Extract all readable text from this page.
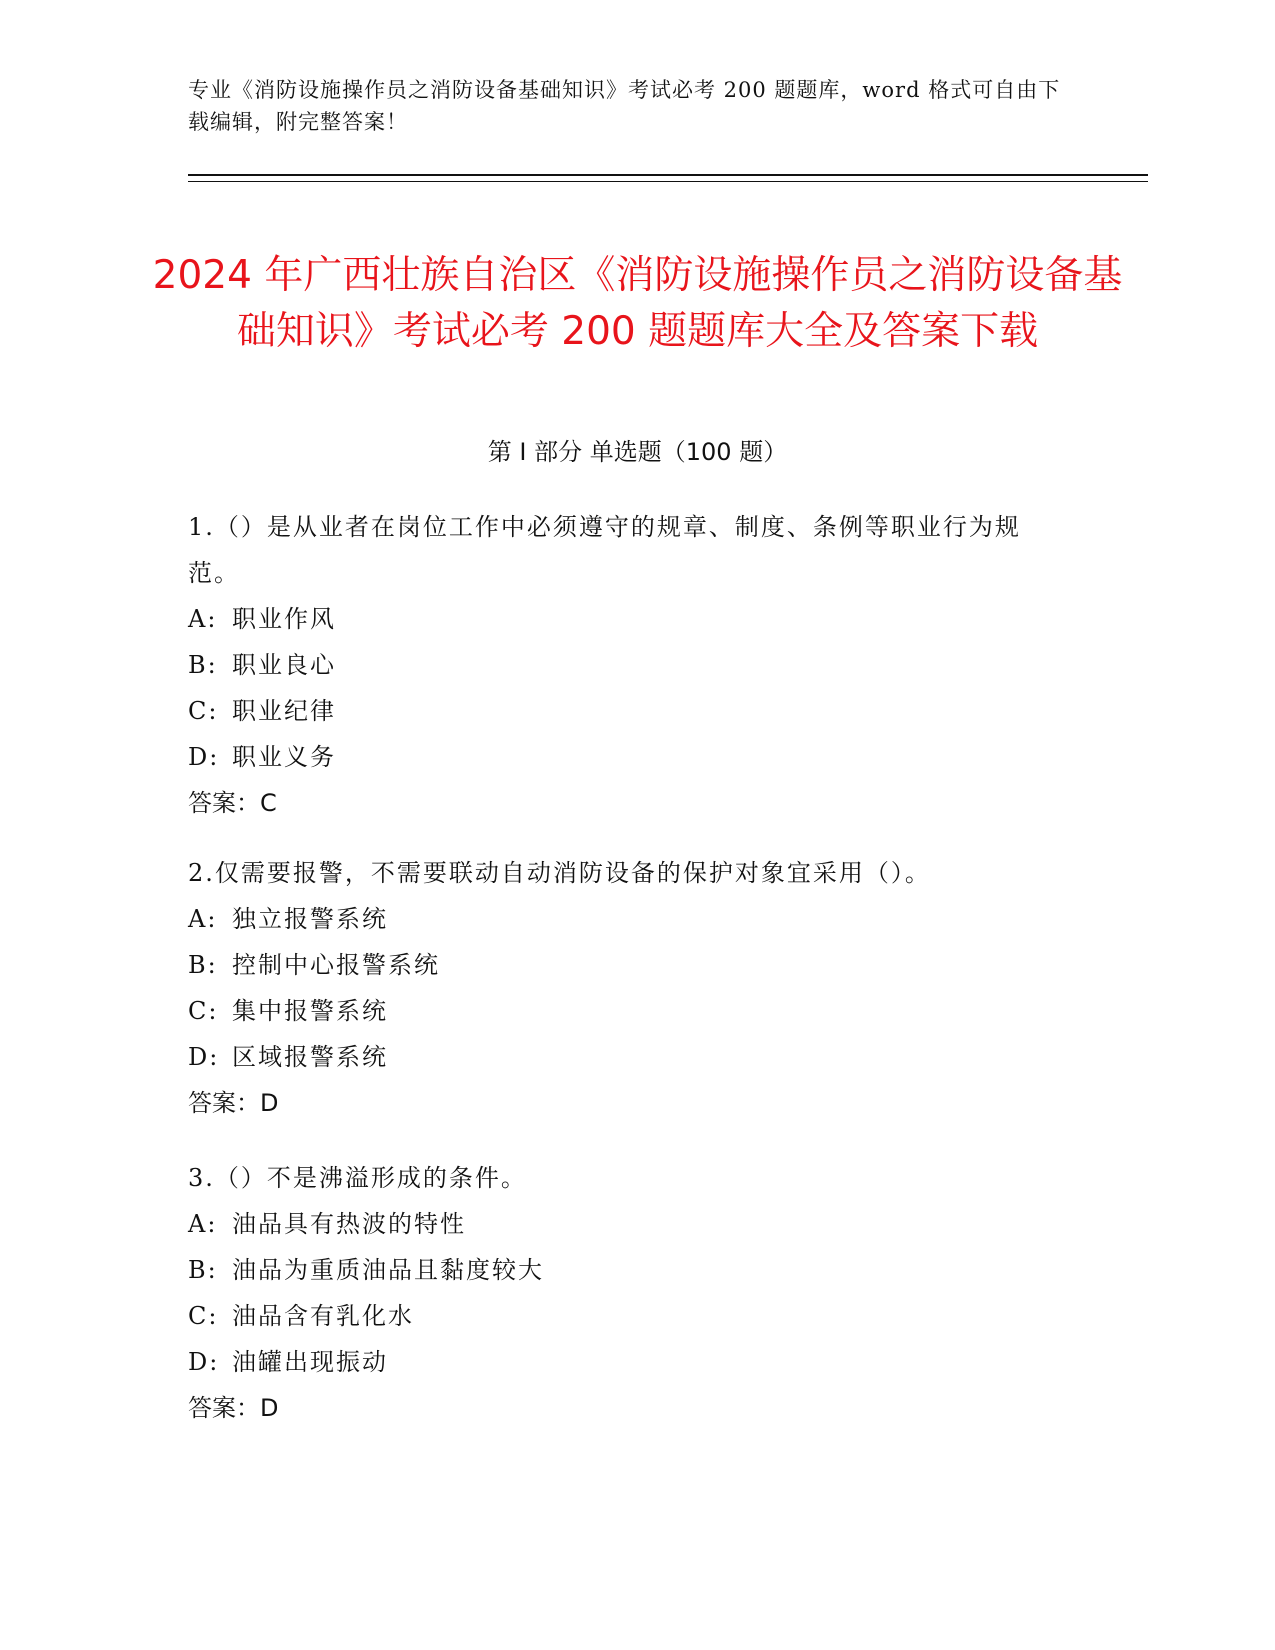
专业《消防设施操作员之消防设备基础知识》考试必考 200 题题库，word 格式可自由下载编辑，附完整答案！
2024 年广西壮族自治区《消防设施操作员之消防设备基础知识》考试必考 200 题题库大全及答案下载
第 I 部分 单选题（100 题）
1.（）是从业者在岗位工作中必须遵守的规章、制度、条例等职业行为规范。
A: 职业作风
B: 职业良心
C: 职业纪律
D: 职业义务
答案：C
2.仅需要报警，不需要联动自动消防设备的保护对象宜采用（）。
A: 独立报警系统
B: 控制中心报警系统
C: 集中报警系统
D: 区域报警系统
答案：D
3.（）不是沸溢形成的条件。
A: 油品具有热波的特性
B: 油品为重质油品且黏度较大
C: 油品含有乳化水
D: 油罐出现振动
答案：D
